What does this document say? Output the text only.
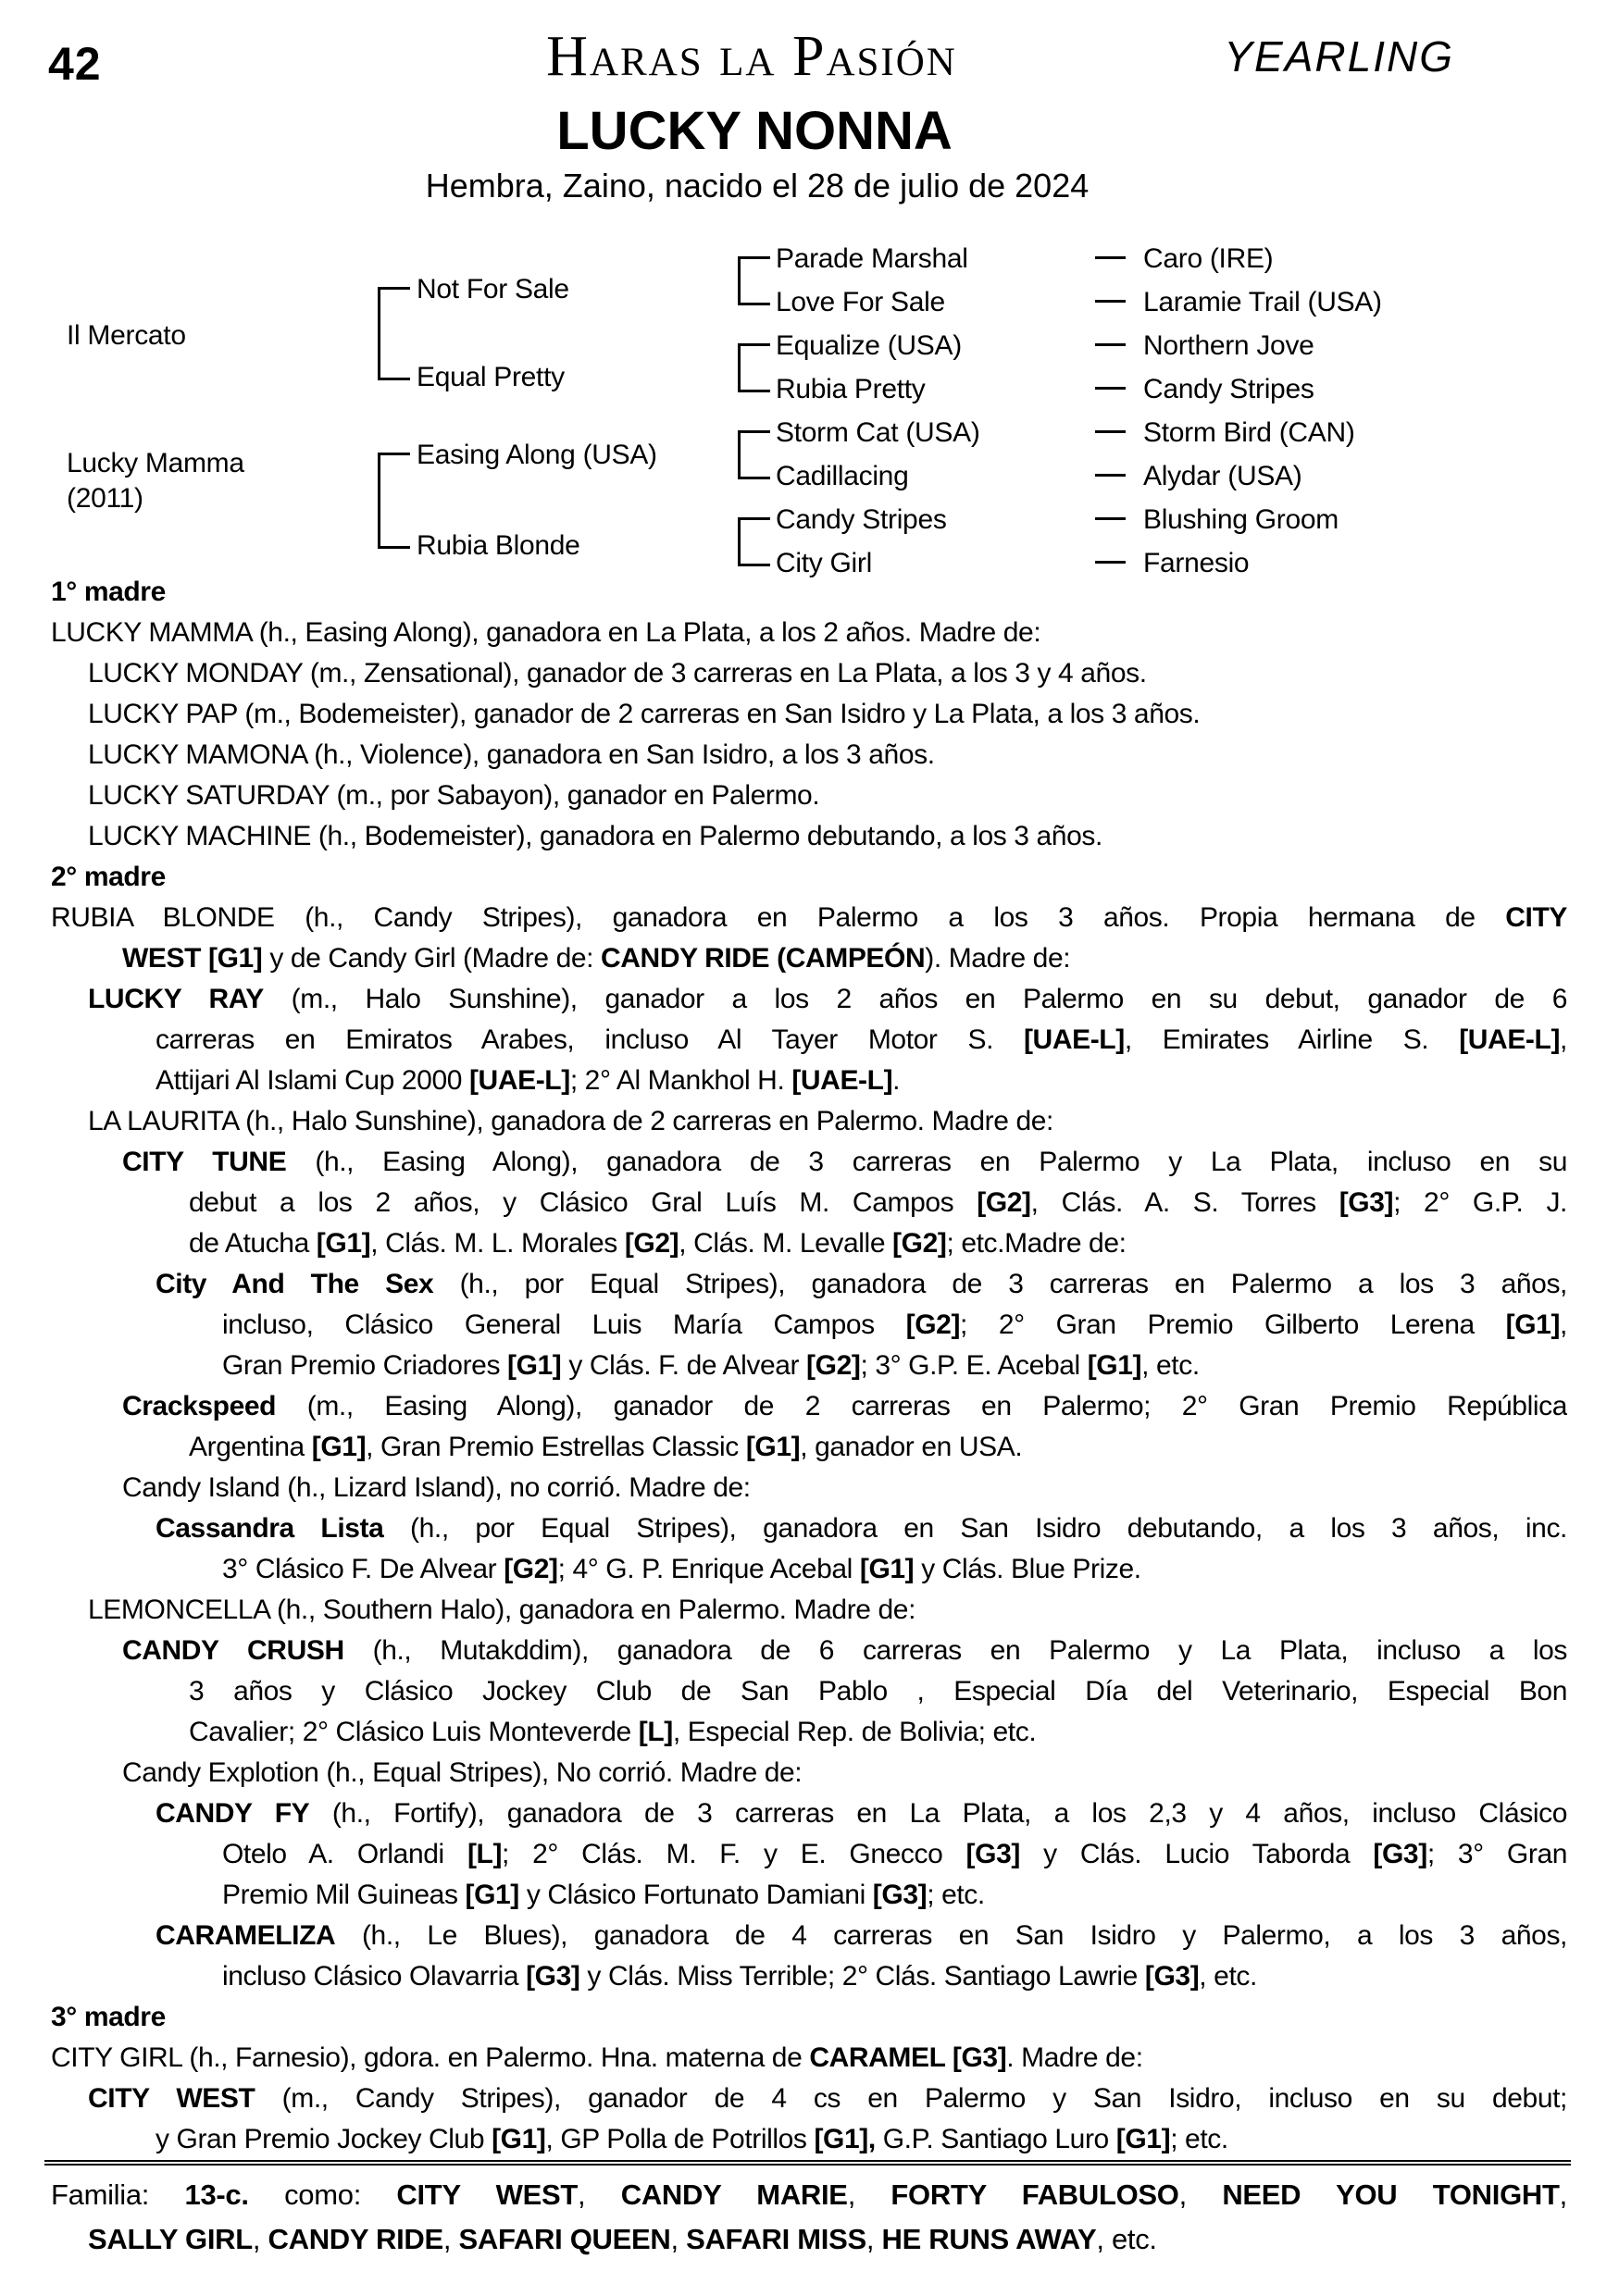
42	Haras la Pasión	YEARLING
LUCKY NONNA
Hembra, Zaino, nacido el 28 de julio de 2024
Il Mercato
Lucky Mamma
(2011)
Not For Sale
Equal Pretty
Easing Along (USA)
Rubia Blonde
Parade Marshal
Love For Sale
Equalize (USA)
Rubia Pretty
Storm Cat (USA)
Cadillacing
Candy Stripes
City Girl
Caro (IRE)
Laramie Trail (USA)
Northern Jove
Candy Stripes
Storm Bird (CAN)
Alydar (USA)
Blushing Groom
Farnesio
1° madre
LUCKY MAMMA (h., Easing Along), ganadora en La Plata, a los 2 años. Madre de:
LUCKY MONDAY (m., Zensational), ganador de 3 carreras en La Plata, a los 3 y 4 años.
LUCKY PAP (m., Bodemeister), ganador de 2 carreras en San Isidro y La Plata, a los 3 años.
LUCKY MAMONA (h., Violence), ganadora en San Isidro, a los 3 años.
LUCKY SATURDAY (m., por Sabayon), ganador en Palermo.
LUCKY MACHINE (h., Bodemeister), ganadora en Palermo debutando, a los 3 años.
2° madre
RUBIA BLONDE (h., Candy Stripes), ganadora en Palermo a los 3 años. Propia hermana de CITY
WEST [G1] y de Candy Girl (Madre de: CANDY RIDE (CAMPEÓN). Madre de:
LUCKY RAY (m., Halo Sunshine), ganador a los 2 años en Palermo en su debut, ganador de 6
carreras en Emiratos Arabes, incluso Al Tayer Motor S. [UAE-L], Emirates Airline S. [UAE-L],
Attijari Al Islami Cup 2000 [UAE-L]; 2° Al Mankhol H. [UAE-L].
LA LAURITA (h., Halo Sunshine), ganadora de 2 carreras en Palermo. Madre de:
CITY TUNE (h., Easing Along), ganadora de 3 carreras en Palermo y La Plata, incluso en su
debut a los 2 años, y Clásico Gral Luís M. Campos [G2], Clás. A. S. Torres [G3]; 2° G.P. J.
de Atucha [G1], Clás. M. L. Morales [G2], Clás. M. Levalle [G2]; etc.Madre de:
City And The Sex (h., por Equal Stripes), ganadora de 3 carreras en Palermo a los 3 años,
incluso, Clásico General Luis María Campos [G2]; 2° Gran Premio Gilberto Lerena [G1],
Gran Premio Criadores [G1] y Clás. F. de Alvear [G2]; 3° G.P. E. Acebal [G1], etc.
Crackspeed (m., Easing Along), ganador de 2 carreras en Palermo; 2° Gran Premio República
Argentina [G1], Gran Premio Estrellas Classic [G1], ganador en USA.
Candy Island (h., Lizard Island), no corrió. Madre de:
Cassandra Lista (h., por Equal Stripes), ganadora en San Isidro debutando, a los 3 años, inc.
3° Clásico F. De Alvear [G2]; 4° G. P. Enrique Acebal [G1] y Clás. Blue Prize.
LEMONCELLA (h., Southern Halo), ganadora en Palermo. Madre de:
CANDY CRUSH (h., Mutakddim), ganadora de 6 carreras en Palermo y La Plata, incluso a los
3 años y Clásico Jockey Club de San Pablo , Especial Día del Veterinario, Especial Bon
Cavalier; 2° Clásico Luis Monteverde [L], Especial Rep. de Bolivia; etc.
Candy Explotion (h., Equal Stripes), No corrió. Madre de:
CANDY FY (h., Fortify), ganadora de 3 carreras en La Plata, a los 2,3 y 4 años, incluso Clásico
Otelo A. Orlandi [L]; 2° Clás. M. F. y E. Gnecco [G3] y Clás. Lucio Taborda [G3]; 3° Gran
Premio Mil Guineas [G1] y Clásico Fortunato Damiani [G3]; etc.
CARAMELIZA (h., Le Blues), ganadora de 4 carreras en San Isidro y Palermo, a los 3 años,
incluso Clásico Olavarria [G3] y Clás. Miss Terrible; 2° Clás. Santiago Lawrie [G3], etc.
3° madre
CITY GIRL (h., Farnesio), gdora. en Palermo. Hna. materna de CARAMEL [G3]. Madre de:
CITY WEST (m., Candy Stripes), ganador de 4 cs en Palermo y San Isidro, incluso en su debut;
y Gran Premio Jockey Club [G1], GP Polla de Potrillos [G1], G.P. Santiago Luro [G1]; etc.
Familia: 13-c. como: CITY WEST, CANDY MARIE, FORTY FABULOSO, NEED YOU TONIGHT,
SALLY GIRL, CANDY RIDE, SAFARI QUEEN, SAFARI MISS, HE RUNS AWAY, etc.
